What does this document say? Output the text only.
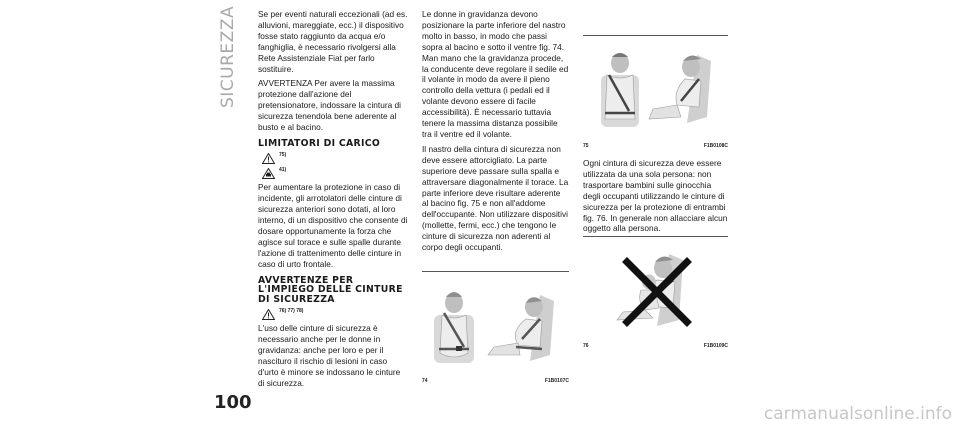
SICUREZZA
100

Se per eventi naturali eccezionali (ad es. alluvioni, mareggiate, ecc.) il dispositivo fosse stato raggiunto da acqua e/o fanghiglia, è necessario rivolgersi alla Rete Assistenziale Fiat per farlo sostituire.

AVVERTENZA Per avere la massima protezione dall'azione del pretensionatore, indossare la cintura di sicurezza tenendola bene aderente al busto e al bacino.

LIMITATORI DI CARICO
75)
41)

Per aumentare la protezione in caso di incidente, gli arrotolatori delle cinture di sicurezza anteriori sono dotati, al loro interno, di un dispositivo che consente di dosare opportunamente la forza che agisce sul torace e sulle spalle durante l'azione di trattenimento delle cinture in caso di urto frontale.

AVVERTENZE PER L'IMPIEGO DELLE CINTURE DI SICUREZZA
76) 77) 78)

L'uso delle cinture di sicurezza è necessario anche per le donne in gravidanza: anche per loro e per il nascituro il rischio di lesioni in caso d'urto è minore se indossano le cinture di sicurezza.

Le donne in gravidanza devono posizionare la parte inferiore del nastro molto in basso, in modo che passi sopra al bacino e sotto il ventre fig. 74. Man mano che la gravidanza procede, la conducente deve regolare il sedile ed il volante in modo da avere il pieno controllo della vettura (i pedali ed il volante devono essere di facile accessibilità). È necessario tuttavia tenere la massima distanza possibile tra il ventre ed il volante.

Il nastro della cintura di sicurezza non deve essere attorcigliato. La parte superiore deve passare sulla spalla e attraversare diagonalmente il torace. La parte inferiore deve risultare aderente al bacino fig. 75 e non all'addome dell'occupante. Non utilizzare dispositivi (mollette, fermi, ecc.) che tengono le cinture di sicurezza non aderenti al corpo degli occupanti.

74	F1B0107C
75	F1B0108C

Ogni cintura di sicurezza deve essere utilizzata da una sola persona: non trasportare bambini sulle ginocchia degli occupanti utilizzando le cinture di sicurezza per la protezione di entrambi fig. 76. In generale non allacciare alcun oggetto alla persona.

76	F1B0109C
carmanualsonline.info
